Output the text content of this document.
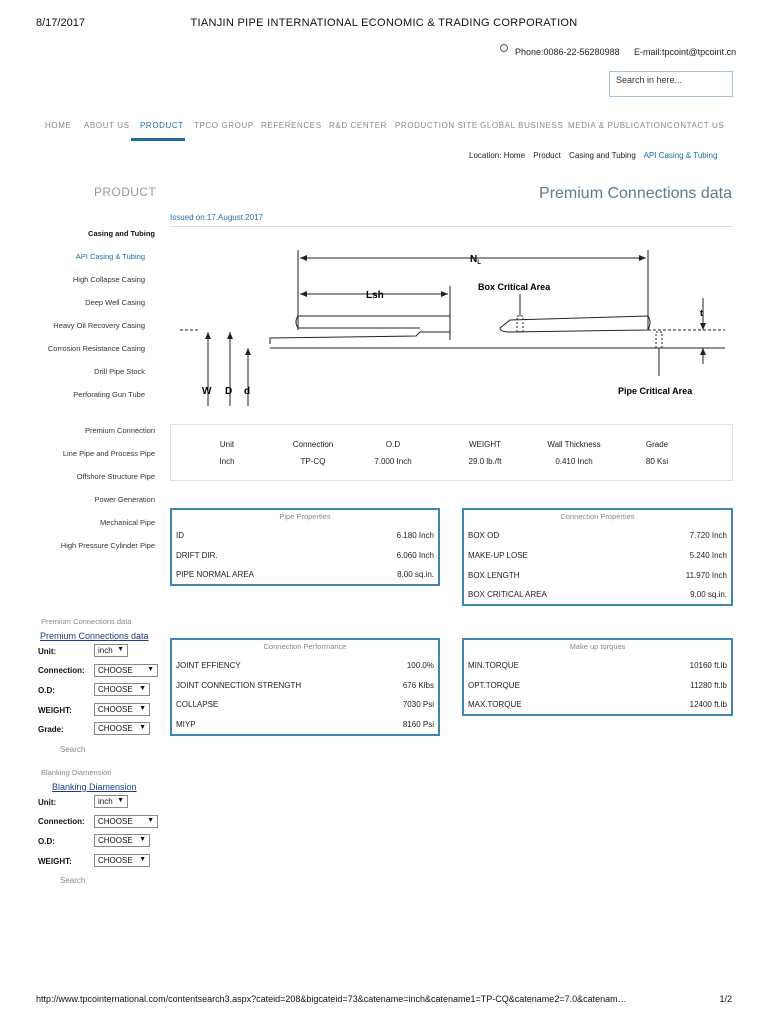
8/17/2017	TIANJIN PIPE INTERNATIONAL ECONOMIC & TRADING CORPORATION
Phone:0086-22-56280988 E-mail:tpcoint@tpcoint.cn
Search in here...
HOME ABOUT US PRODUCT TPCO GROUP REFERENCES R&D CENTER PRODUCTION SITE GLOBAL BUSINESS MEDIA & PUBLICATION CONTACT US
Location: Home Product Casing and Tubing API Casing & Tubing
PRODUCT	Premium Connections data
Issued on:17.August.2017
Casing and Tubing
API Casing & Tubing
High Collapse Casing
Deep Well Casing
Heavy Oil Recovery Casing
Corrosion Resistance Casing
Drill Pipe Stock
Perforating Gun Tube
Premium Connection
Line Pipe and Process Pipe
Offshore Structure Pipe
Power Generation
Mechanical Pipe
High Pressure Cylinder Pipe
$N_L$
Lsh
Box Critical Area
Pipe Critical Area
W D d
t
Unit	Connection	O.D	WEIGHT	Wall Thickness	Grade
Inch	TP-CQ	7.000 Inch	29.0 lb./ft	0.410 Inch	80 Ksi
Pipe Properties
ID	6.180 Inch
DRIFT DIR.	6.060 Inch
PIPE NORMAL AREA	8.00 sq.in.
Connection Properties
BOX OD	7.720 Inch
MAKE-UP LOSE	5.240 Inch
BOX LENGTH	11.970 Inch
BOX CRITICAL AREA	9.00 sq.in.
Connection Performance
JOINT EFFIENCY	100.0%
JOINT CONNECTION STRENGTH	676 Klbs
COLLAPSE	7030 Psi
MIYP	8160 Psi
Make up torques
MIN.TORQUE	10160 ft.lb
OPT.TORQUE	11280 ft.lb
MAX.TORQUE	12400 ft.lb
Premium Connections data
Premium Connections data
Unit:	inch ▼
Connection:	CHOOSE ▼
O.D:	CHOOSE ▼
WEIGHT:	CHOOSE ▼
Grade:	CHOOSE ▼
Search
Blanking Diamension
Blanking Diamension
Unit:	inch ▼
Connection:	CHOOSE ▼
O.D:	CHOOSE ▼
WEIGHT:	CHOOSE ▼
Search
http://www.tpcointernational.com/contentsearch3.aspx?cateid=208&bigcateid=73&catename=inch&catename1=TP-CQ&catename2=7.0&catenam…	1/2
